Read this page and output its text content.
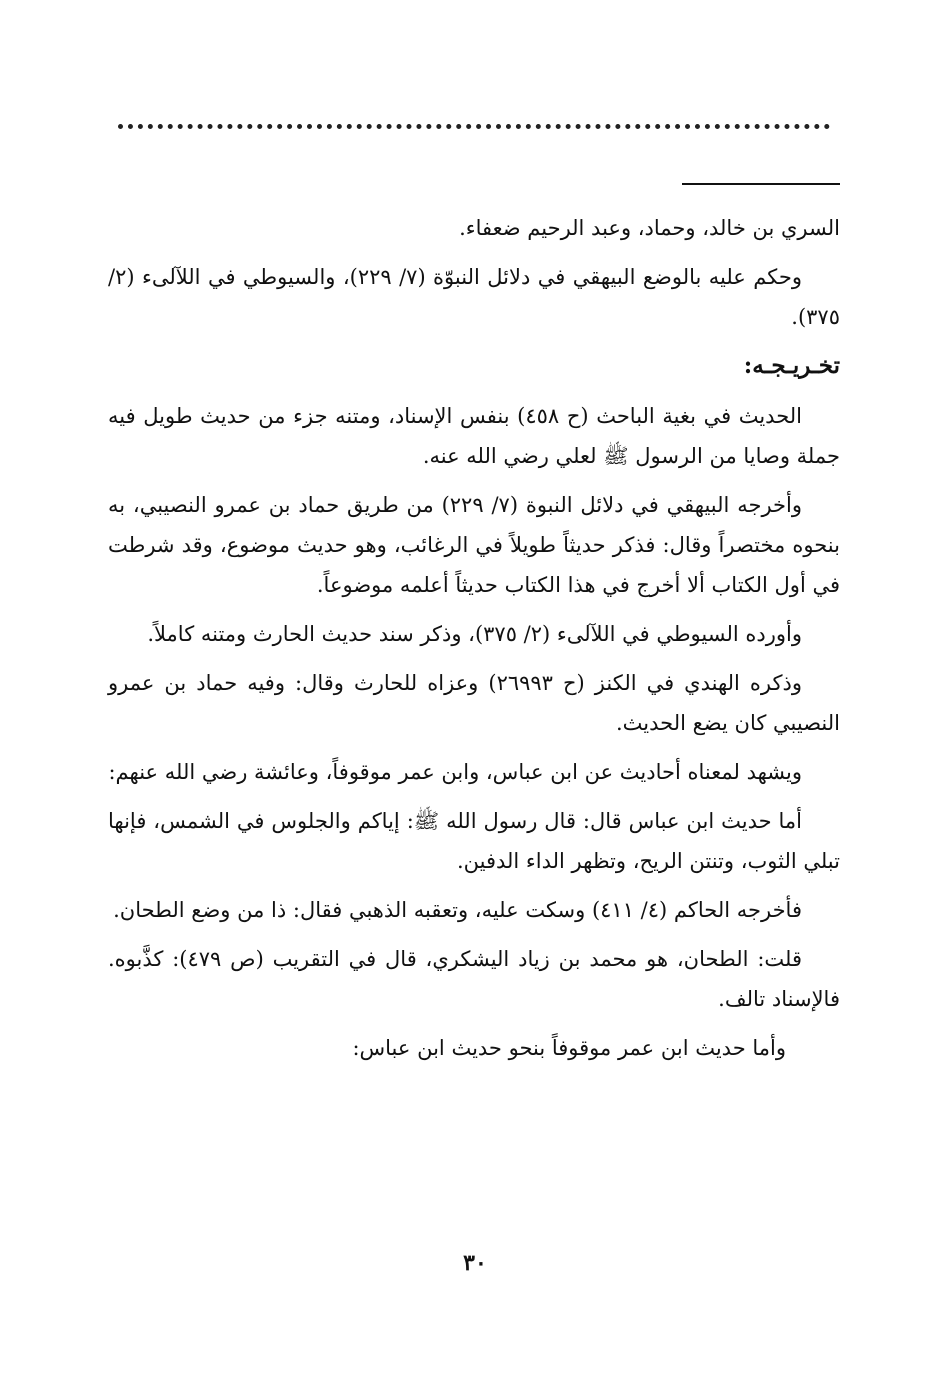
السري بن خالد، وحماد، وعبد الرحيم ضعفاء.

وحكم عليه بالوضع البيهقي في دلائل النبوّة (٧/ ٢٢٩)، والسيوطي في اللآلىء (٢/ ٣٧٥).

تخـريـجـه:

الحديث في بغية الباحث (ح ٤٥٨) بنفس الإسناد، ومتنه جزء من حديث طويل فيه جملة وصايا من الرسول ﷺ لعلي رضي الله عنه.

وأخرجه البيهقي في دلائل النبوة (٧/ ٢٢٩) من طريق حماد بن عمرو النصيبي، به بنحوه مختصراً وقال: فذكر حديثاً طويلاً في الرغائب، وهو حديث موضوع، وقد شرطت في أول الكتاب ألا أخرج في هذا الكتاب حديثاً أعلمه موضوعاً.

وأورده السيوطي في اللآلىء (٢/ ٣٧٥)، وذكر سند حديث الحارث ومتنه كاملاً.

وذكره الهندي في الكنز (ح ٢٦٩٩٣) وعزاه للحارث وقال: وفيه حماد بن عمرو النصيبي كان يضع الحديث.

ويشهد لمعناه أحاديث عن ابن عباس، وابن عمر موقوفاً، وعائشة رضي الله عنهم:

أما حديث ابن عباس قال: قال رسول الله ﷺ: إياكم والجلوس في الشمس، فإنها تبلي الثوب، وتنتن الريح، وتظهر الداء الدفين.

فأخرجه الحاكم (٤/ ٤١١) وسكت عليه، وتعقبه الذهبي فقال: ذا من وضع الطحان.

قلت: الطحان، هو محمد بن زياد اليشكري، قال في التقريب (ص ٤٧٩): كذَّبوه. فالإسناد تالف.

وأما حديث ابن عمر موقوفاً بنحو حديث ابن عباس:

٣٠
